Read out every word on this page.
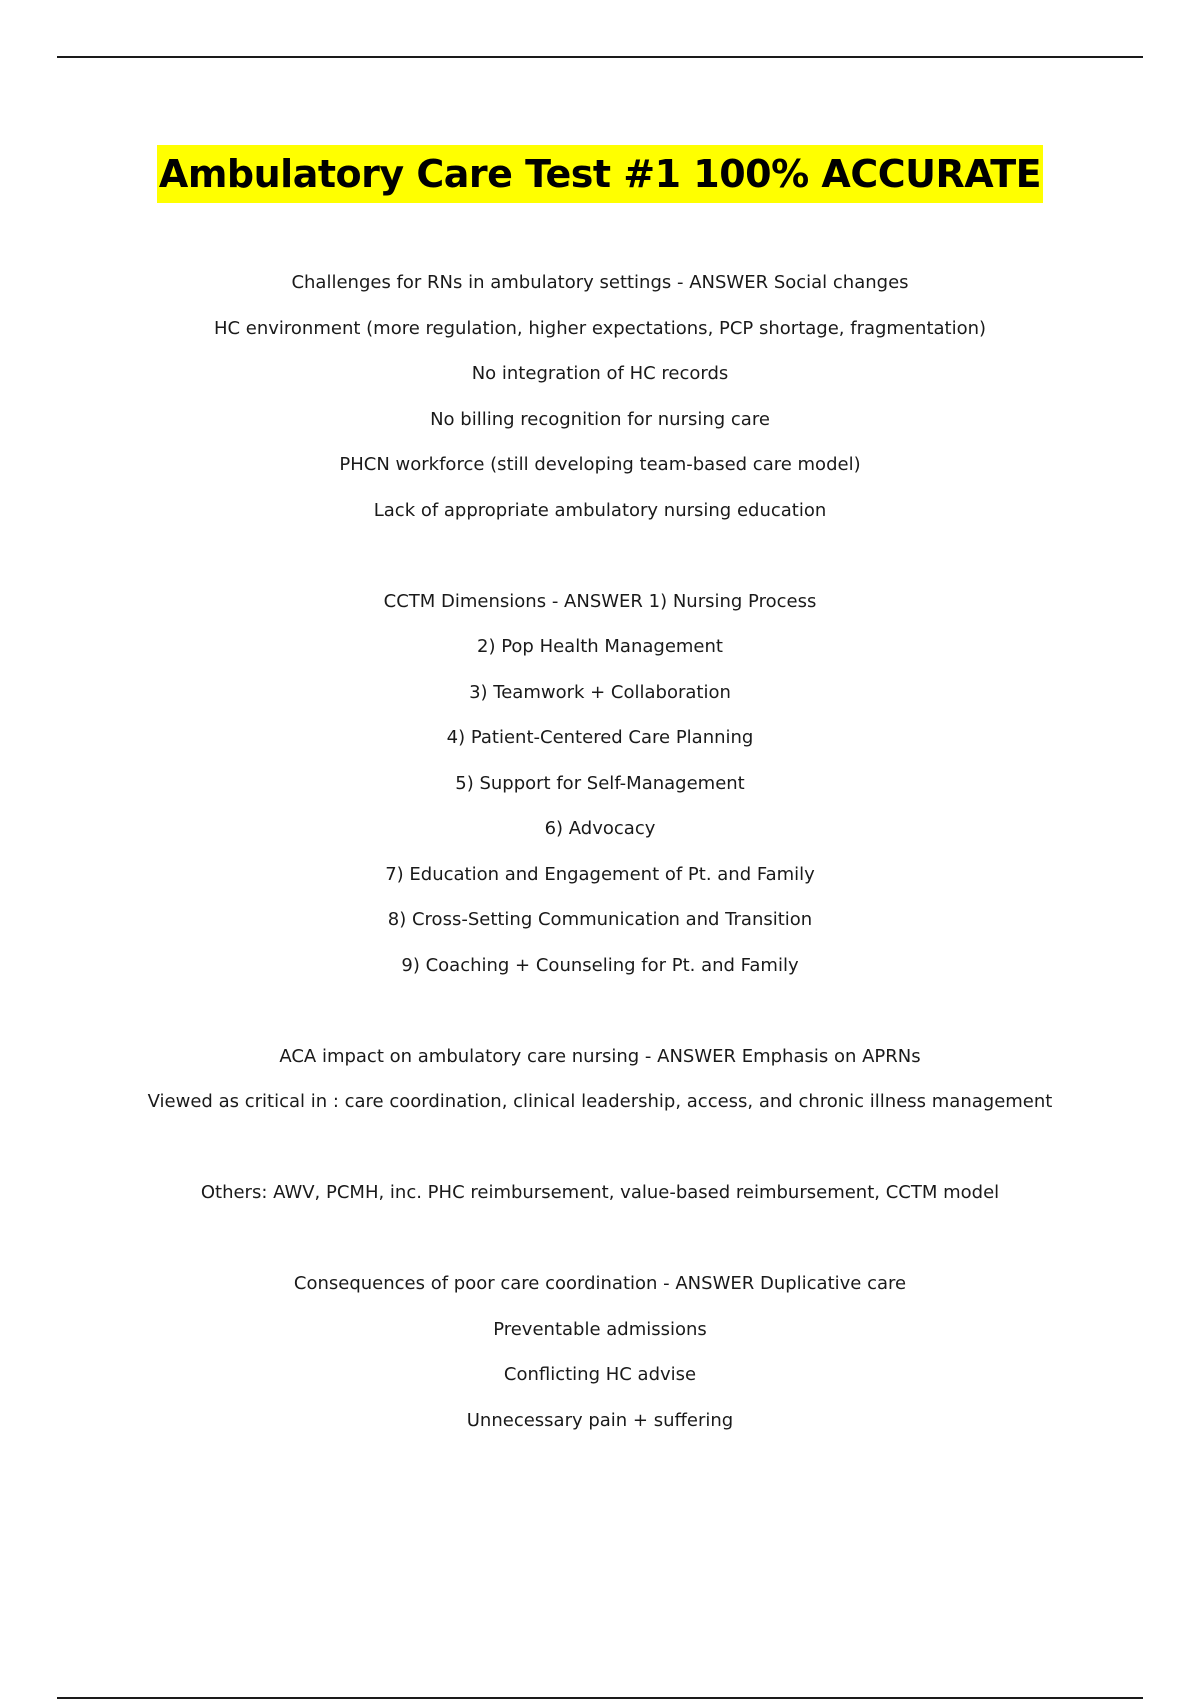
Ambulatory Care Test #1 100% ACCURATE
Challenges for RNs in ambulatory settings - ANSWER Social changes
HC environment (more regulation, higher expectations, PCP shortage, fragmentation)
No integration of HC records
No billing recognition for nursing care
PHCN workforce (still developing team-based care model)
Lack of appropriate ambulatory nursing education
CCTM Dimensions - ANSWER 1) Nursing Process
2) Pop Health Management
3) Teamwork + Collaboration
4) Patient-Centered Care Planning
5) Support for Self-Management
6) Advocacy
7) Education and Engagement of Pt. and Family
8) Cross-Setting Communication and Transition
9) Coaching + Counseling for Pt. and Family
ACA impact on ambulatory care nursing - ANSWER Emphasis on APRNs
Viewed as critical in : care coordination, clinical leadership, access, and chronic illness management
Others: AWV, PCMH, inc. PHC reimbursement, value-based reimbursement, CCTM model
Consequences of poor care coordination - ANSWER Duplicative care
Preventable admissions
Conflicting HC advise
Unnecessary pain + suffering
